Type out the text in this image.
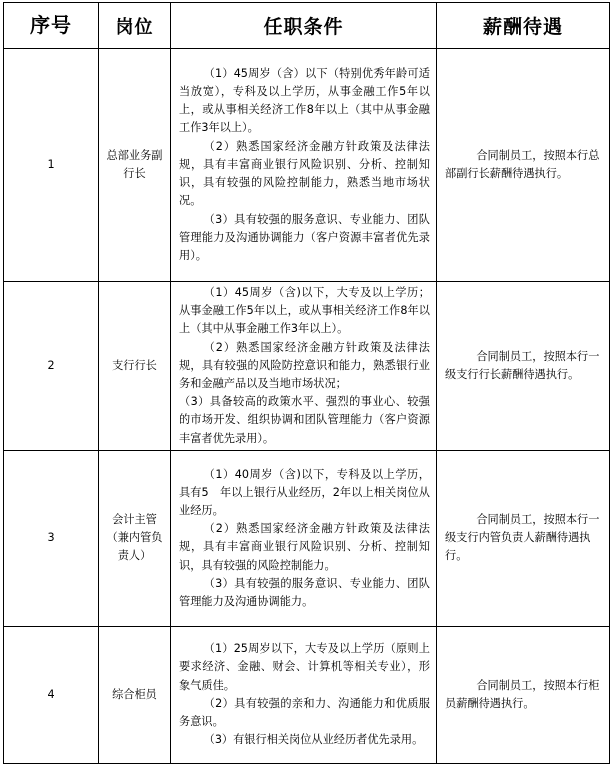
序号	岗位	任职条件	薪酬待遇
1	总部业务副行长	（1）45周岁（含）以下（特别优秀年龄可适当放宽），专科及以上学历，从事金融工作5年以上，或从事相关经济工作8年以上（其中从事金融工作3年以上）。

（2）熟悉国家经济金融方针政策及法律法规，具有丰富商业银行风险识别、分析、控制知识，具有较强的风险控制能力，熟悉当地市场状况。

（3）具有较强的服务意识、专业能力、团队管理能力及沟通协调能力（客户资源丰富者优先录用）。	合同制员工，按照本行总部副行长薪酬待遇执行。

2	支行行长	（1）45周岁（含)以下，大专及以上学历；从事金融工作5年以上，或从事相关经济工作8年以上（其中从事金融工作3年以上）。

（2）熟悉国家经济金融方针政策及法律法规，具有较强的风险防控意识和能力，熟悉银行业务和金融产品以及当地市场状况；

（3）具备较高的政策水平、强烈的事业心、较强的市场开发、组织协调和团队管理能力（客户资源丰富者优先录用）。	合同制员工，按照本行一级支行行长薪酬待遇执行。

3	会计主管（兼内管负责人）	（1）40周岁（含)以下，专科及以上学历，具有5　年以上银行从业经历，2年以上相关岗位从业经历。

（2）熟悉国家经济金融方针政策及法律法规，具有丰富商业银行风险识别、分析、控制知识，具有较强的风险控制能力。

（3）具有较强的服务意识、专业能力、团队管理能力及沟通协调能力。	合同制员工，按照本行一级支行内管负责人薪酬待遇执行。

4	综合柜员	（1）25周岁以下，大专及以上学历（原则上要求经济、金融、财会、计算机等相关专业），形象气质佳。

（2）具有较强的亲和力、沟通能力和优质服务意识。

（3）有银行相关岗位从业经历者优先录用。	合同制员工，按照本行柜员薪酬待遇执行。
